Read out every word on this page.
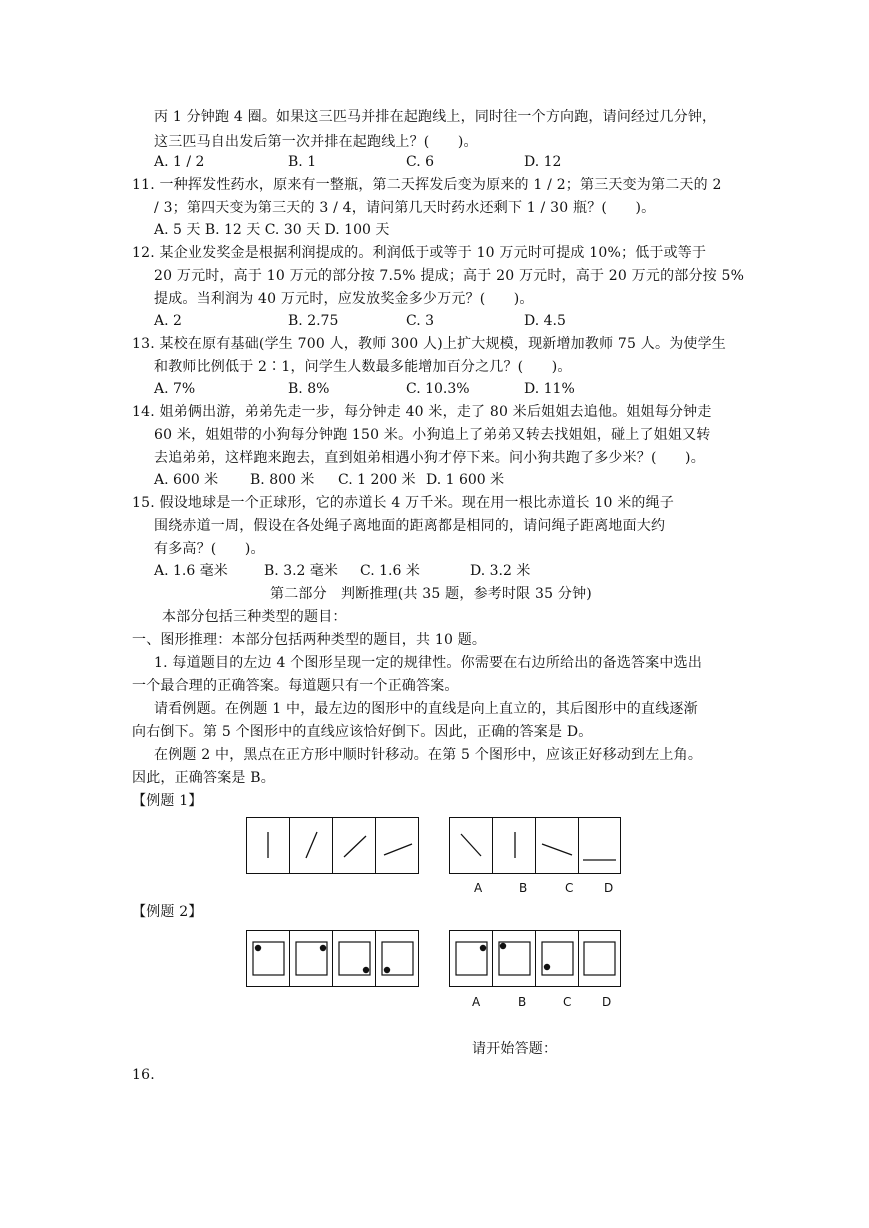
丙 1 分钟跑 4 圈。如果这三匹马并排在起跑线上，同时往一个方向跑，请问经过几分钟，
这三匹马自出发后第一次并排在起跑线上？(　　)。
A. 1 / 2	B. 1	C. 6	D. 12
11. 一种挥发性药水，原来有一整瓶，第二天挥发后变为原来的 1 / 2；第三天变为第二天的 2
/ 3；第四天变为第三天的 3 / 4，请问第几天时药水还剩下 1 / 30 瓶？(　　)。
A. 5 天 B. 12 天 C. 30 天 D. 100 天
12. 某企业发奖金是根据利润提成的。利润低于或等于 10 万元时可提成 10%；低于或等于
20 万元时，高于 10 万元的部分按 7.5% 提成；高于 20 万元时，高于 20 万元的部分按 5%
提成。当利润为 40 万元时，应发放奖金多少万元？(　　)。
A. 2	B. 2.75	C. 3	D. 4.5
13. 某校在原有基础(学生 700 人，教师 300 人)上扩大规模，现新增加教师 75 人。为使学生
和教师比例低于 2∶1，问学生人数最多能增加百分之几？(　　)。
A. 7%	B. 8%	C. 10.3%	D. 11%
14. 姐弟俩出游，弟弟先走一步，每分钟走 40 米，走了 80 米后姐姐去追他。姐姐每分钟走
60 米，姐姐带的小狗每分钟跑 150 米。小狗追上了弟弟又转去找姐姐，碰上了姐姐又转
去追弟弟，这样跑来跑去，直到姐弟相遇小狗才停下来。问小狗共跑了多少米？(　　)。
A. 600 米 B. 800 米 C. 1 200 米 D. 1 600 米
15. 假设地球是一个正球形，它的赤道长 4 万千米。现在用一根比赤道长 10 米的绳子
围绕赤道一周，假设在各处绳子离地面的距离都是相同的，请问绳子距离地面大约
有多高？(　　)。
A. 1.6 毫米	B. 3.2 毫米 C. 1.6 米	D. 3.2 米
第二部分　判断推理(共 35 题，参考时限 35 分钟)
本部分包括三种类型的题目：
一、图形推理：本部分包括两种类型的题目，共 10 题。
1. 每道题目的左边 4 个图形呈现一定的规律性。你需要在右边所给出的备选答案中选出
一个最合理的正确答案。每道题只有一个正确答案。
请看例题。在例题 1 中，最左边的图形中的直线是向上直立的，其后图形中的直线逐渐
向右倒下。第 5 个图形中的直线应该恰好倒下。因此，正确的答案是 D。
在例题 2 中，黑点在正方形中顺时针移动。在第 5 个图形中，应该正好移动到左上角。
因此，正确答案是 B。
【例题 1】
A	B	C	D
【例题 2】
A	B	C	D
请开始答题：
16.
